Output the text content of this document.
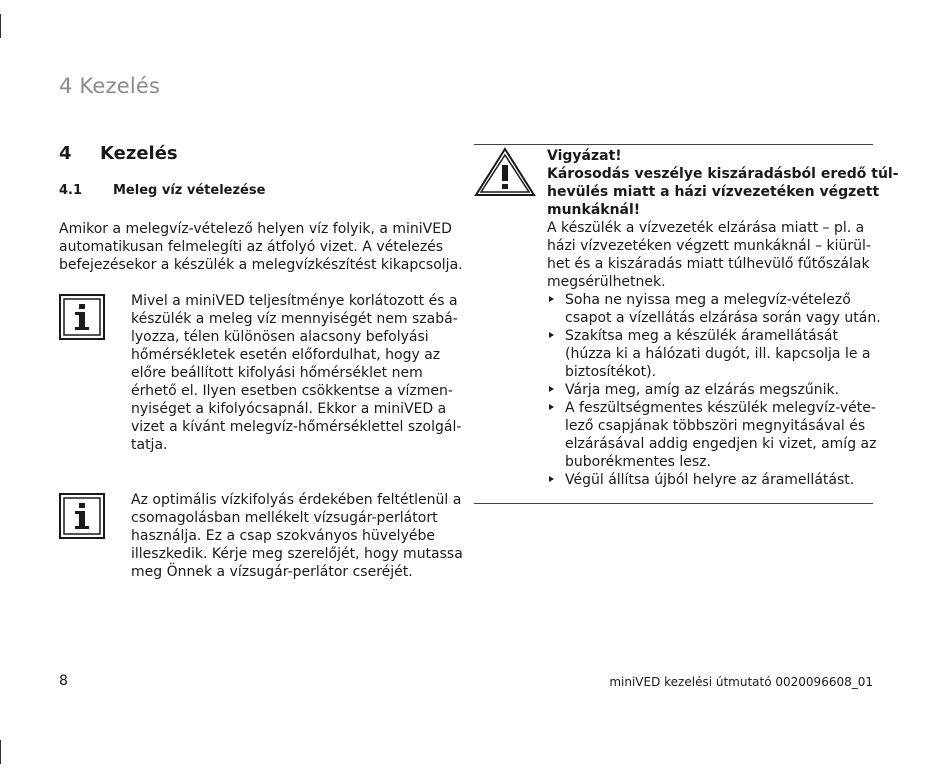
4 Kezelés
4 Kezelés
4.1 Meleg víz vételezése
Amikor a melegvíz-vételező helyen víz folyik, a miniVED
automatikusan felmelegíti az átfolyó vizet. A vételezés
befejezésekor a készülék a melegvízkészítést kikapcsolja.
Mivel a miniVED teljesítménye korlátozott és a
készülék a meleg víz mennyiségét nem szabá-
lyozza, télen különösen alacsony befolyási
hőmérsékletek esetén előfordulhat, hogy az
előre beállított kifolyási hőmérséklet nem
érhető el. Ilyen esetben csökkentse a vízmen-
nyiséget a kifolyócsapnál. Ekkor a miniVED a
vizet a kívánt melegvíz-hőmérséklettel szolgál-
tatja.
Az optimális vízkifolyás érdekében feltétlenül a
csomagolásban mellékelt vízsugár-perlátort
használja. Ez a csap szokványos hüvelyébe
illeszkedik. Kérje meg szerelőjét, hogy mutassa
meg Önnek a vízsugár-perlátor cseréjét.
Vigyázat!
Károsodás veszélye kiszáradásból eredő túl-
hevülés miatt a házi vízvezetéken végzett
munkáknál!
A készülék a vízvezeték elzárása miatt – pl. a
házi vízvezetéken végzett munkáknál – kiürül-
het és a kiszáradás miatt túlhevülő fűtőszálak
megsérülhetnek.
Soha ne nyissa meg a melegvíz-vételező
csapot a vízellátás elzárása során vagy után.
Szakítsa meg a készülék áramellátását
(húzza ki a hálózati dugót, ill. kapcsolja le a
biztosítékot).
Várja meg, amíg az elzárás megszűnik.
A feszültségmentes készülék melegvíz-véte-
lező csapjának többszöri megnyitásával és
elzárásával addig engedjen ki vizet, amíg az
buborékmentes lesz.
Végül állítsa újból helyre az áramellátást.
8	miniVED kezelési útmutató 0020096608_01
